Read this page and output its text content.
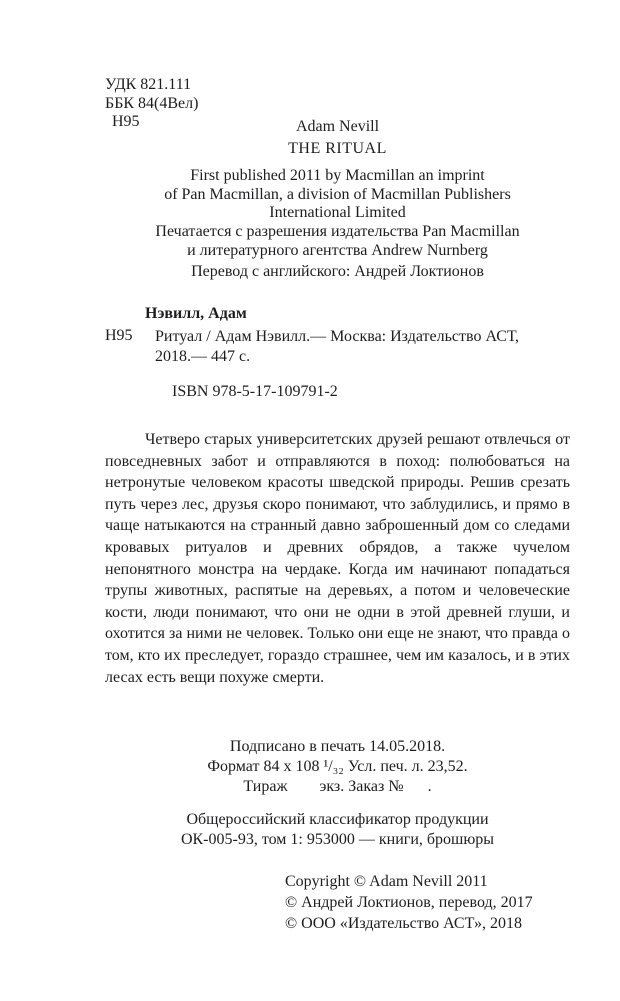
УДК 821.111
ББК 84(4Вел)
Н95	Adam Nevill
THE RITUAL
First published 2011 by Macmillan an imprint
of Pan Macmillan, a division of Macmillan Publishers
International Limited
Печатается с разрешения издательства Pan Macmillan
и литературного агентства Andrew Nurnberg
Перевод с английского: Андрей Локтионов
Нэвилл, Адам
Н95 Ритуал / Адам Нэвилл.— Москва: Издательство АСТ,
2018.— 447 с.
ISBN 978-5-17-109791-2

Четверо старых университетских друзей решают отвлечься от повседневных забот и отправляются в поход: полюбоваться на нетронутые человеком красоты шведской природы. Решив срезать путь через лес, друзья скоро понимают, что заблудились, и прямо в чаще натыкаются на странный давно заброшенный дом со следами кровавых ритуалов и древних обрядов, а также чучелом непонятного монстра на чердаке. Когда им начинают попадаться трупы животных, распятые на деревьях, а потом и человеческие кости, люди понимают, что они не одни в этой древней глуши, и охотится за ними не человек. Только они еще не знают, что правда о том, кто их преследует, гораздо страшнее, чем им казалось, и в этих лесах есть вещи похуже смерти.

Подписано в печать 14.05.2018.
Формат 84 х 108 ¹/₃₂ Усл. печ. л. 23,52.
Тираж        экз. Заказ №      .
Общероссийский классификатор продукции
ОК-005-93, том 1: 953000 — книги, брошюры
Copyright © Adam Nevill 2011
© Андрей Локтионов, перевод, 2017
© ООО «Издательство АСТ», 2018
